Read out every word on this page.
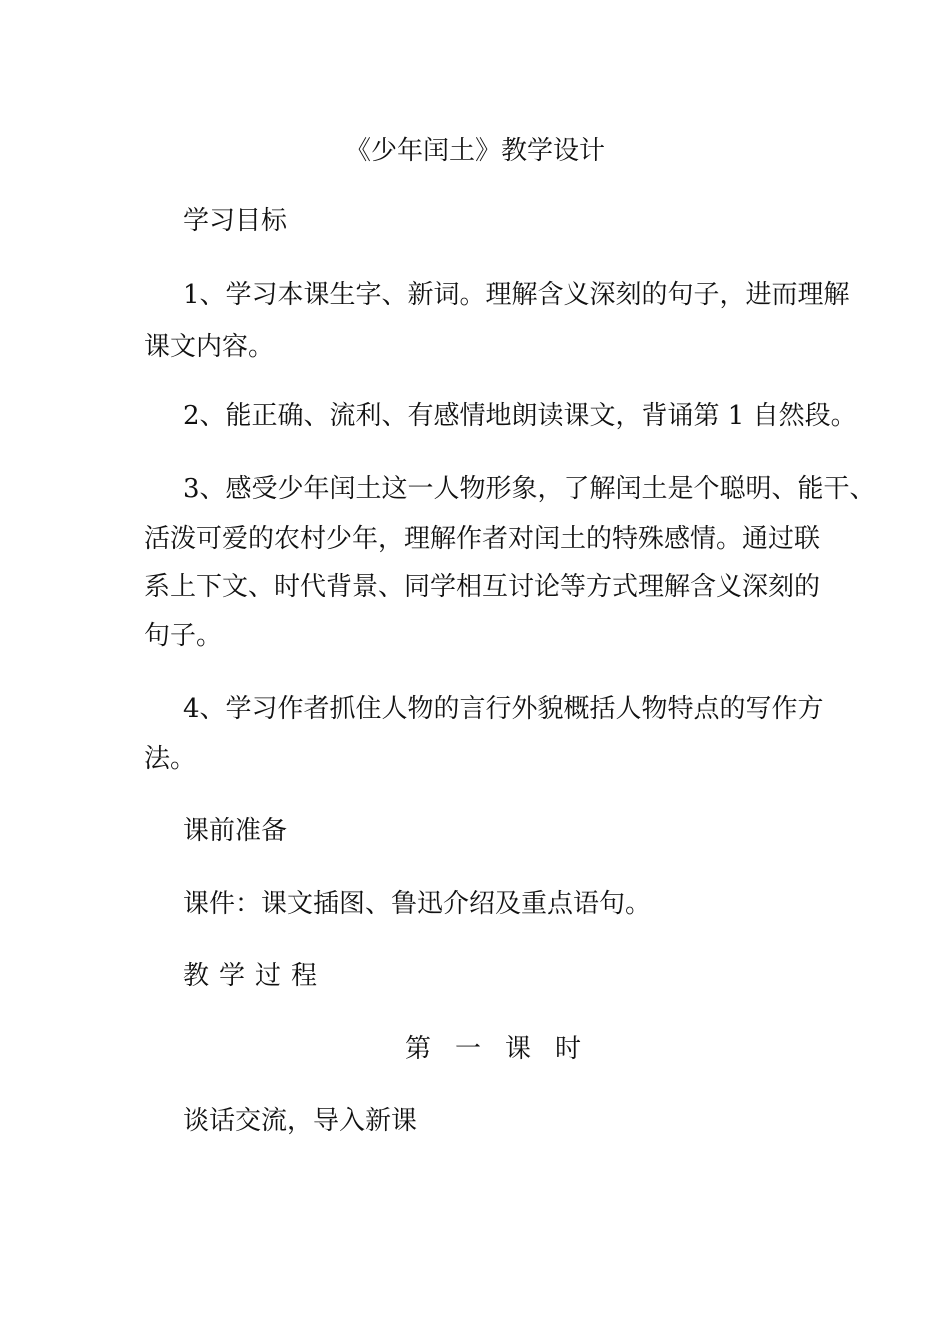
《少年闰土》教学设计

学习目标

1、学习本课生字、新词。理解含义深刻的句子，进而理解

课文内容。

2、能正确、流利、有感情地朗读课文，背诵第 1 自然段。

3、感受少年闰土这一人物形象，了解闰土是个聪明、能干、

活泼可爱的农村少年，理解作者对闰土的特殊感情。通过联

系上下文、时代背景、同学相互讨论等方式理解含义深刻的

句子。

4、学习作者抓住人物的言行外貌概括人物特点的写作方

法。

课前准备

课件：课文插图、鲁迅介绍及重点语句。

教学过程

第一课时

谈话交流，导入新课
